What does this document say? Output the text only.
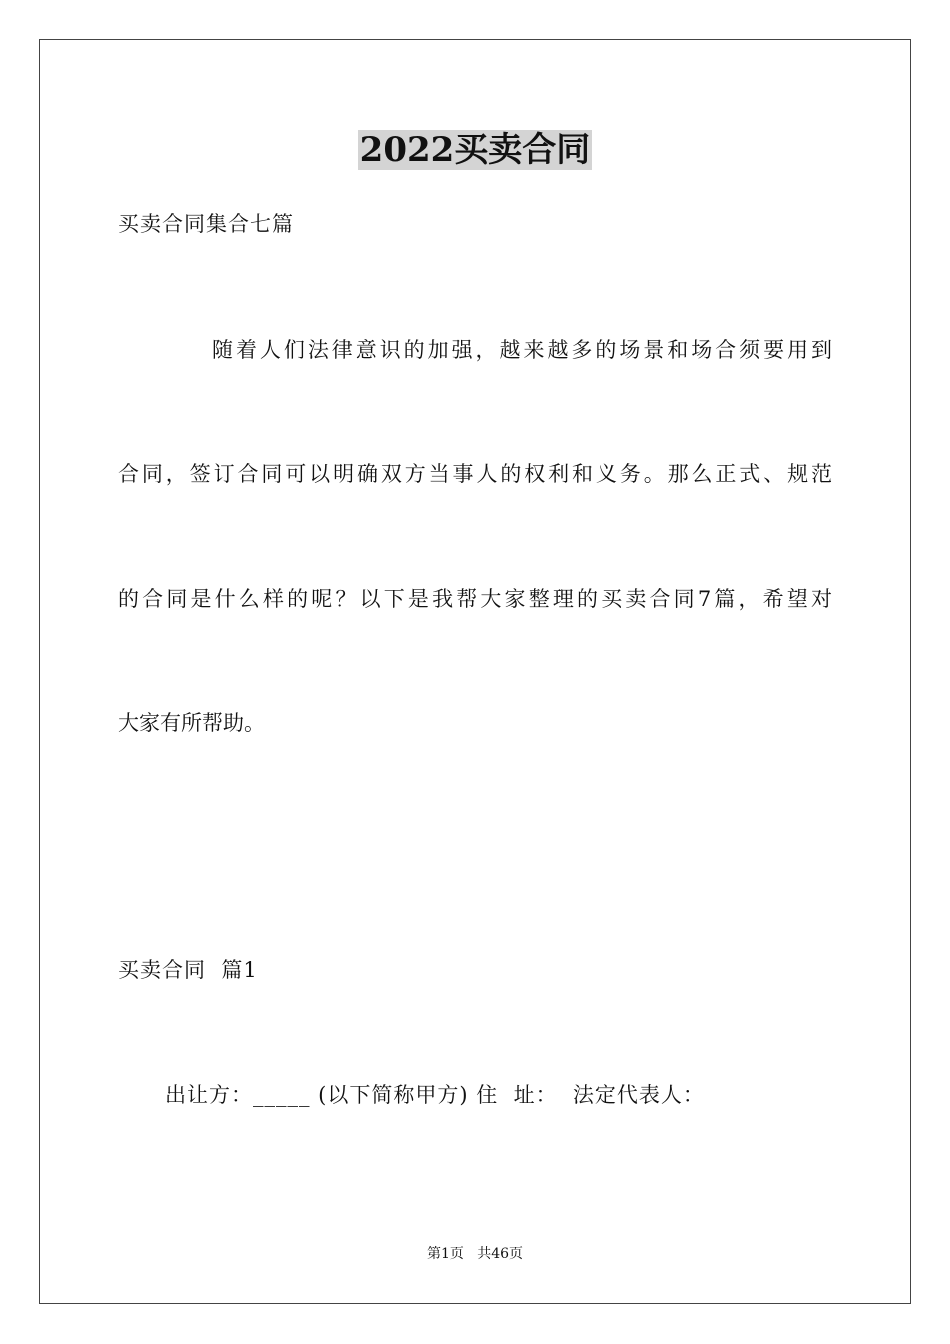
2022买卖合同
买卖合同集合七篇
随着人们法律意识的加强，越来越多的场景和场合须要用到
合同，签订合同可以明确双方当事人的权利和义务。那么正式、规范
的合同是什么样的呢？以下是我帮大家整理的买卖合同7篇，希望对
大家有所帮助。
买卖合同  篇1
出让方：_____ (以下简称甲方) 住  址：  法定代表人：
第1页   共46页
